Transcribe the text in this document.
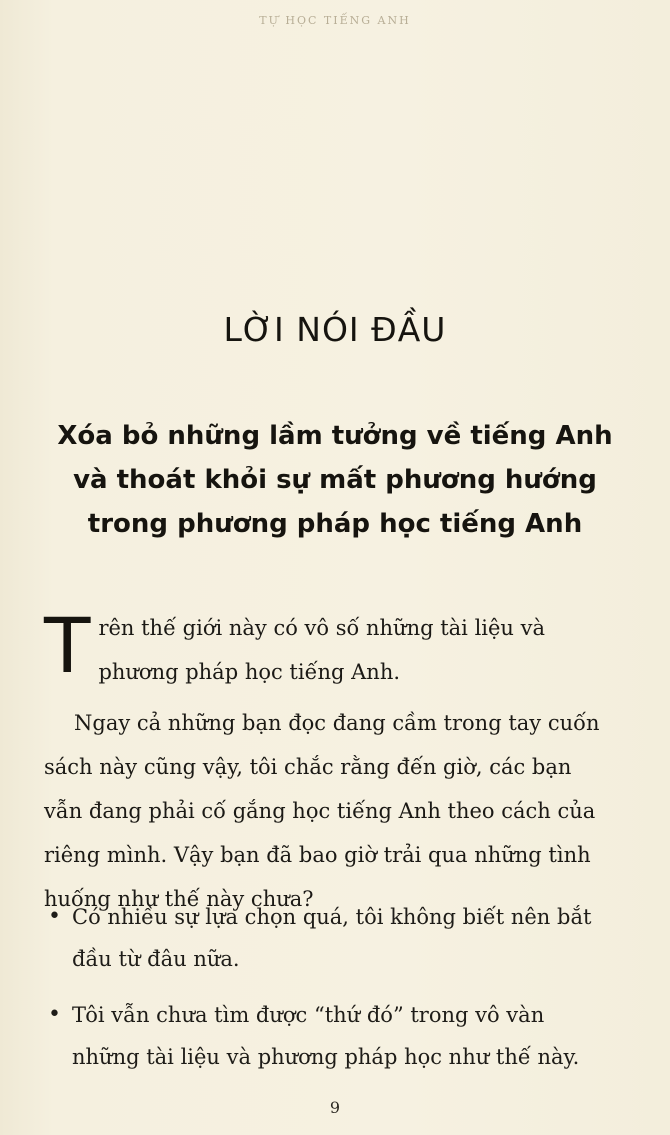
TỰ HỌC TIẾNG ANH
LỜI NÓI ĐẦU
Xóa bỏ những lầm tưởng về tiếng Anh
và thoát khỏi sự mất phương hướng
trong phương pháp học tiếng Anh

T rên thế giới này có vô số những tài liệu và phương pháp học tiếng Anh.

Ngay cả những bạn đọc đang cầm trong tay cuốn sách này cũng vậy, tôi chắc rằng đến giờ, các bạn vẫn đang phải cố gắng học tiếng Anh theo cách của riêng mình. Vậy bạn đã bao giờ trải qua những tình huống như thế này chưa?

• Có nhiều sự lựa chọn quá, tôi không biết nên bắt đầu từ đâu nữa.
• Tôi vẫn chưa tìm được “thứ đó” trong vô vàn những tài liệu và phương pháp học như thế này.
9
